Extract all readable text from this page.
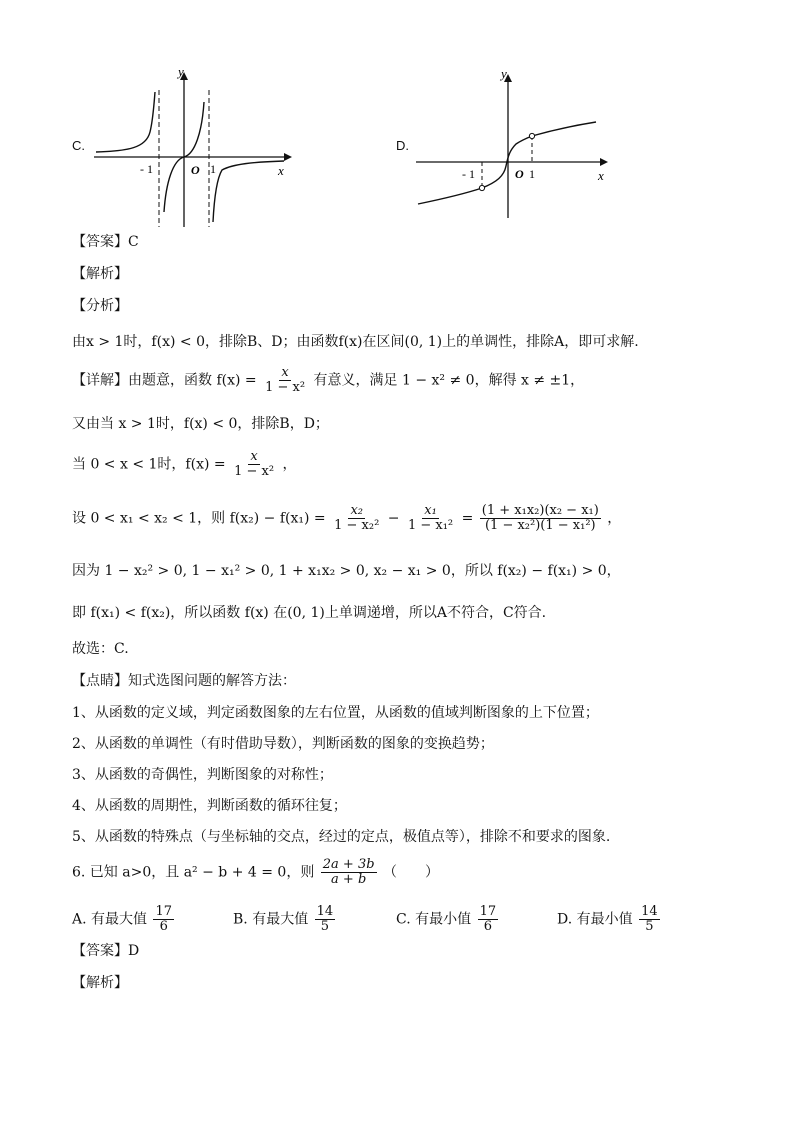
C.
y
x
- 1	O 1
D.
y
x
- 1	O 1
【答案】C
【解析】
【分析】
由x > 1时，f(x) < 0，排除B、D；由函数f(x)在区间(0, 1)上的单调性，排除A，即可求解.
【详解】由题意，函数 $f(x) = \frac{x}{\text{1 − x²}}$ 有意义，满足 1 − x² ≠ 0，解得 x ≠ ±1，
又由当 x > 1时，f(x) < 0，排除B，D；
当 0 < x < 1时，$f(x) = \frac{x}{\text{1 − x²}}$ ，
设 0 < x₁ < x₂ < 1，则 $f(x_2) - f(x_1) = \frac{\text{x₂}}{\text{1 − x₂²}} - \frac{\text{x₁}}{\text{1 − x₁²}} = \frac{\text{(1 + x₁x₂)(x₂ − x₁)}}{\text{(1 − x₂²)(1 − x₁²)}}$ ，
因为 1 − x₂² > 0, 1 − x₁² > 0, 1 + x₁x₂ > 0, x₂ − x₁ > 0，所以 f(x₂) − f(x₁) > 0，
即 f(x₁) < f(x₂)，所以函数 f(x) 在(0, 1)上单调递增，所以A不符合，C符合.
故选：C.
【点睛】知式选图问题的解答方法：
1、从函数的定义域，判定函数图象的左右位置，从函数的值域判断图象的上下位置；
2、从函数的单调性（有时借助导数），判断函数的图象的变换趋势；
3、从函数的奇偶性，判断图象的对称性；
4、从函数的周期性，判断函数的循环往复；
5、从函数的特殊点（与坐标轴的交点，经过的定点，极值点等），排除不和要求的图象.
6. 已知 a>0，且 a² − b + 4 = 0，则 $\frac{2a + 3b}{a + b}$ （　　）
A. 有最大值 $\frac{17}{6}$	B. 有最大值 $\frac{14}{5}$	C. 有最小值 $\frac{17}{6}$	D. 有最小值 $\frac{14}{5}$
【答案】D
【解析】
